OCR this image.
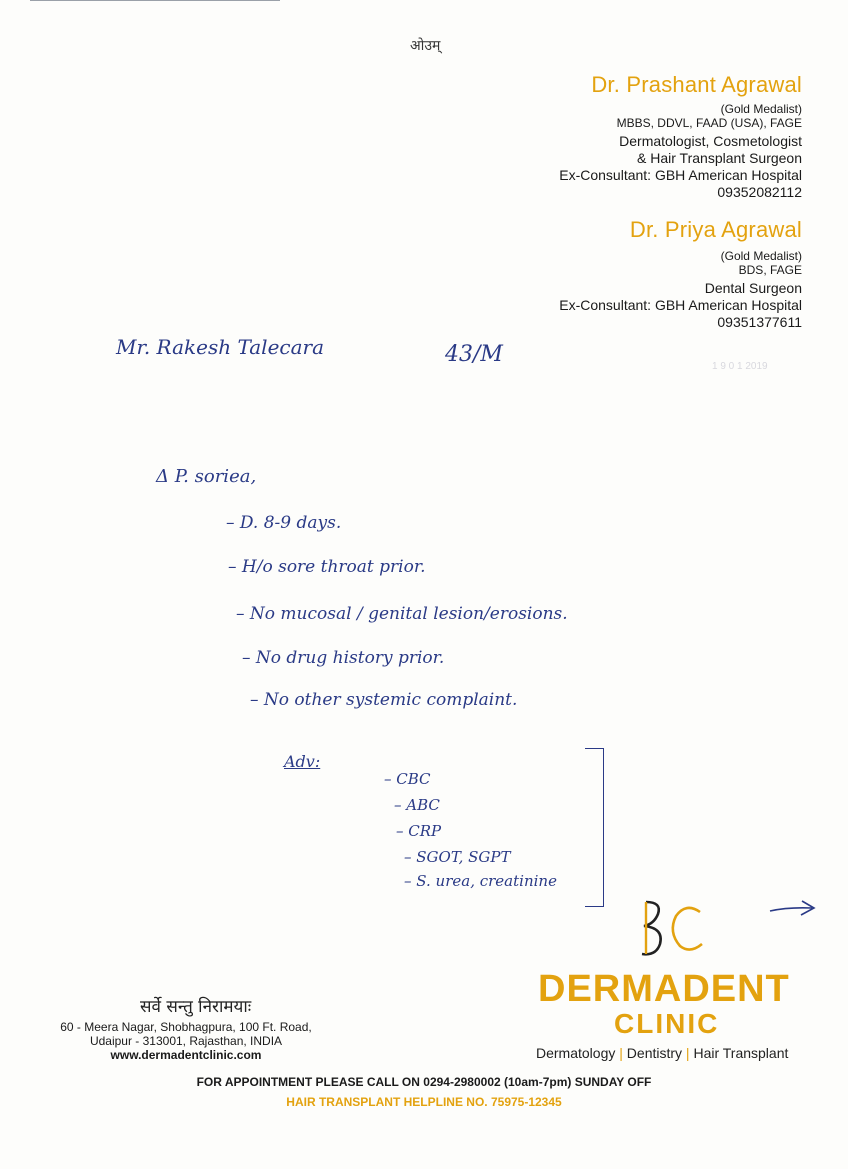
ओउम्
Dr. Prashant Agrawal
(Gold Medalist)
MBBS, DDVL, FAAD (USA), FAGE
Dermatologist, Cosmetologist
& Hair Transplant Surgeon
Ex-Consultant: GBH American Hospital
09352082112
Dr. Priya Agrawal
(Gold Medalist)
BDS, FAGE
Dental Surgeon
Ex-Consultant: GBH American Hospital
09351377611
Mr. Rakesh Talecara	43/M	1 9 0 1 2019
Δ P. soriea,
– D. 8-9 days.
– H/o sore throat prior.
– No mucosal / genital lesion/erosions.
– No drug history prior.
– No other systemic complaint.
Adv:
– CBC
– ABC
– CRP
– SGOT, SGPT
– S. urea, creatinine
DERMADENT
CLINIC
Dermatology | Dentistry | Hair Transplant
सर्वे सन्तु निरामयाः
60 - Meera Nagar, Shobhagpura, 100 Ft. Road,
Udaipur - 313001, Rajasthan, INDIA
www.dermadentclinic.com
FOR APPOINTMENT PLEASE CALL ON 0294-2980002 (10am-7pm) SUNDAY OFF
HAIR TRANSPLANT HELPLINE NO. 75975-12345
